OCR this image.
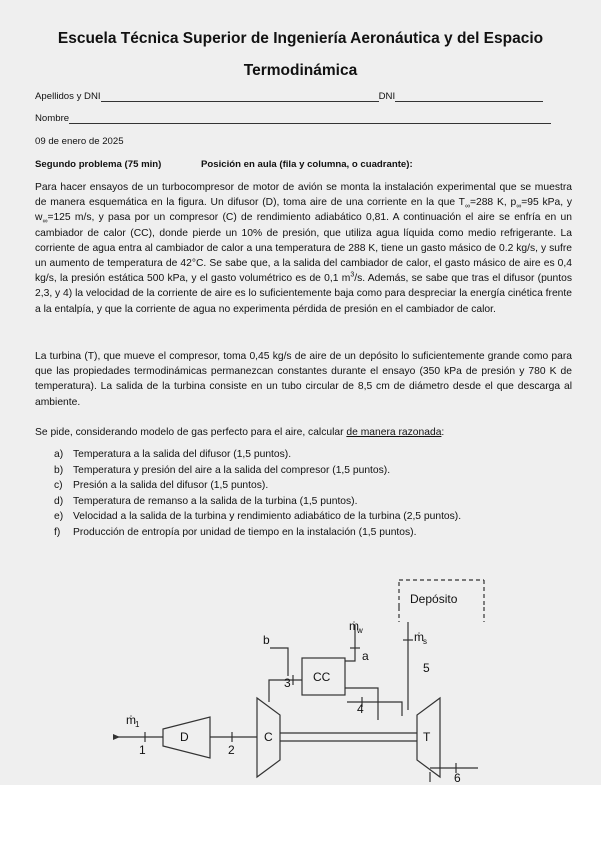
Escuela Técnica Superior de Ingeniería Aeronáutica y del Espacio
Termodinámica
Apellidos y DNI	DNI
Nombre
09 de enero de 2025
Segundo problema (75 min)	Posición en aula (fila y columna, o cuadrante):
Para hacer ensayos de un turbocompresor de motor de avión se monta la instalación experimental que se muestra de manera esquemática en la figura. Un difusor (D), toma aire de una corriente en la que $T_\infty=288$ K, $p_\infty=95$ kPa, y $w_\infty=125$ m/s, y pasa por un compresor (C) de rendimiento adiabático 0,81. A continuación el aire se enfría en un cambiador de calor (CC), donde pierde un 10% de presión, que utiliza agua líquida como medio refrigerante. La corriente de agua entra al cambiador de calor a una temperatura de 288 K, tiene un gasto másico de 0.2 kg/s, y sufre un aumento de temperatura de 42°C. Se sabe que, a la salida del cambiador de calor, el gasto másico de aire es 0,4 kg/s, la presión estática 500 kPa, y el gasto volumétrico es de 0,1 $m^3/s$. Además, se sabe que tras el difusor (puntos 2,3, y 4) la velocidad de la corriente de aire es lo suficientemente baja como para despreciar la energía cinética frente a la entalpía, y que la corriente de agua no experimenta pérdida de presión en el cambiador de calor.
La turbina (T), que mueve el compresor, toma 0,45 kg/s de aire de un depósito lo suficientemente grande como para que las propiedades termodinámicas permanezcan constantes durante el ensayo (350 kPa de presión y 780 K de temperatura). La salida de la turbina consiste en un tubo circular de 8,5 cm de diámetro desde el que descarga al ambiente.
Se pide, considerando modelo de gas perfecto para el aire, calcular de manera razonada:
a) Temperatura a la salida del difusor (1,5 puntos).
b) Temperatura y presión del aire a la salida del compresor (1,5 puntos).
c) Presión a la salida del difusor (1,5 puntos).
d) Temperatura de remanso a la salida de la turbina (1,5 puntos).
e) Velocidad a la salida de la turbina y rendimiento adiabático de la turbina (2,5 puntos).
f) Producción de entropía por unidad de tiempo en la instalación (1,5 puntos).
Depósito
CC
D	C	T
ṁ
w	ṁ s
ṁ 1
a
b
1	2
3
4
5
6
